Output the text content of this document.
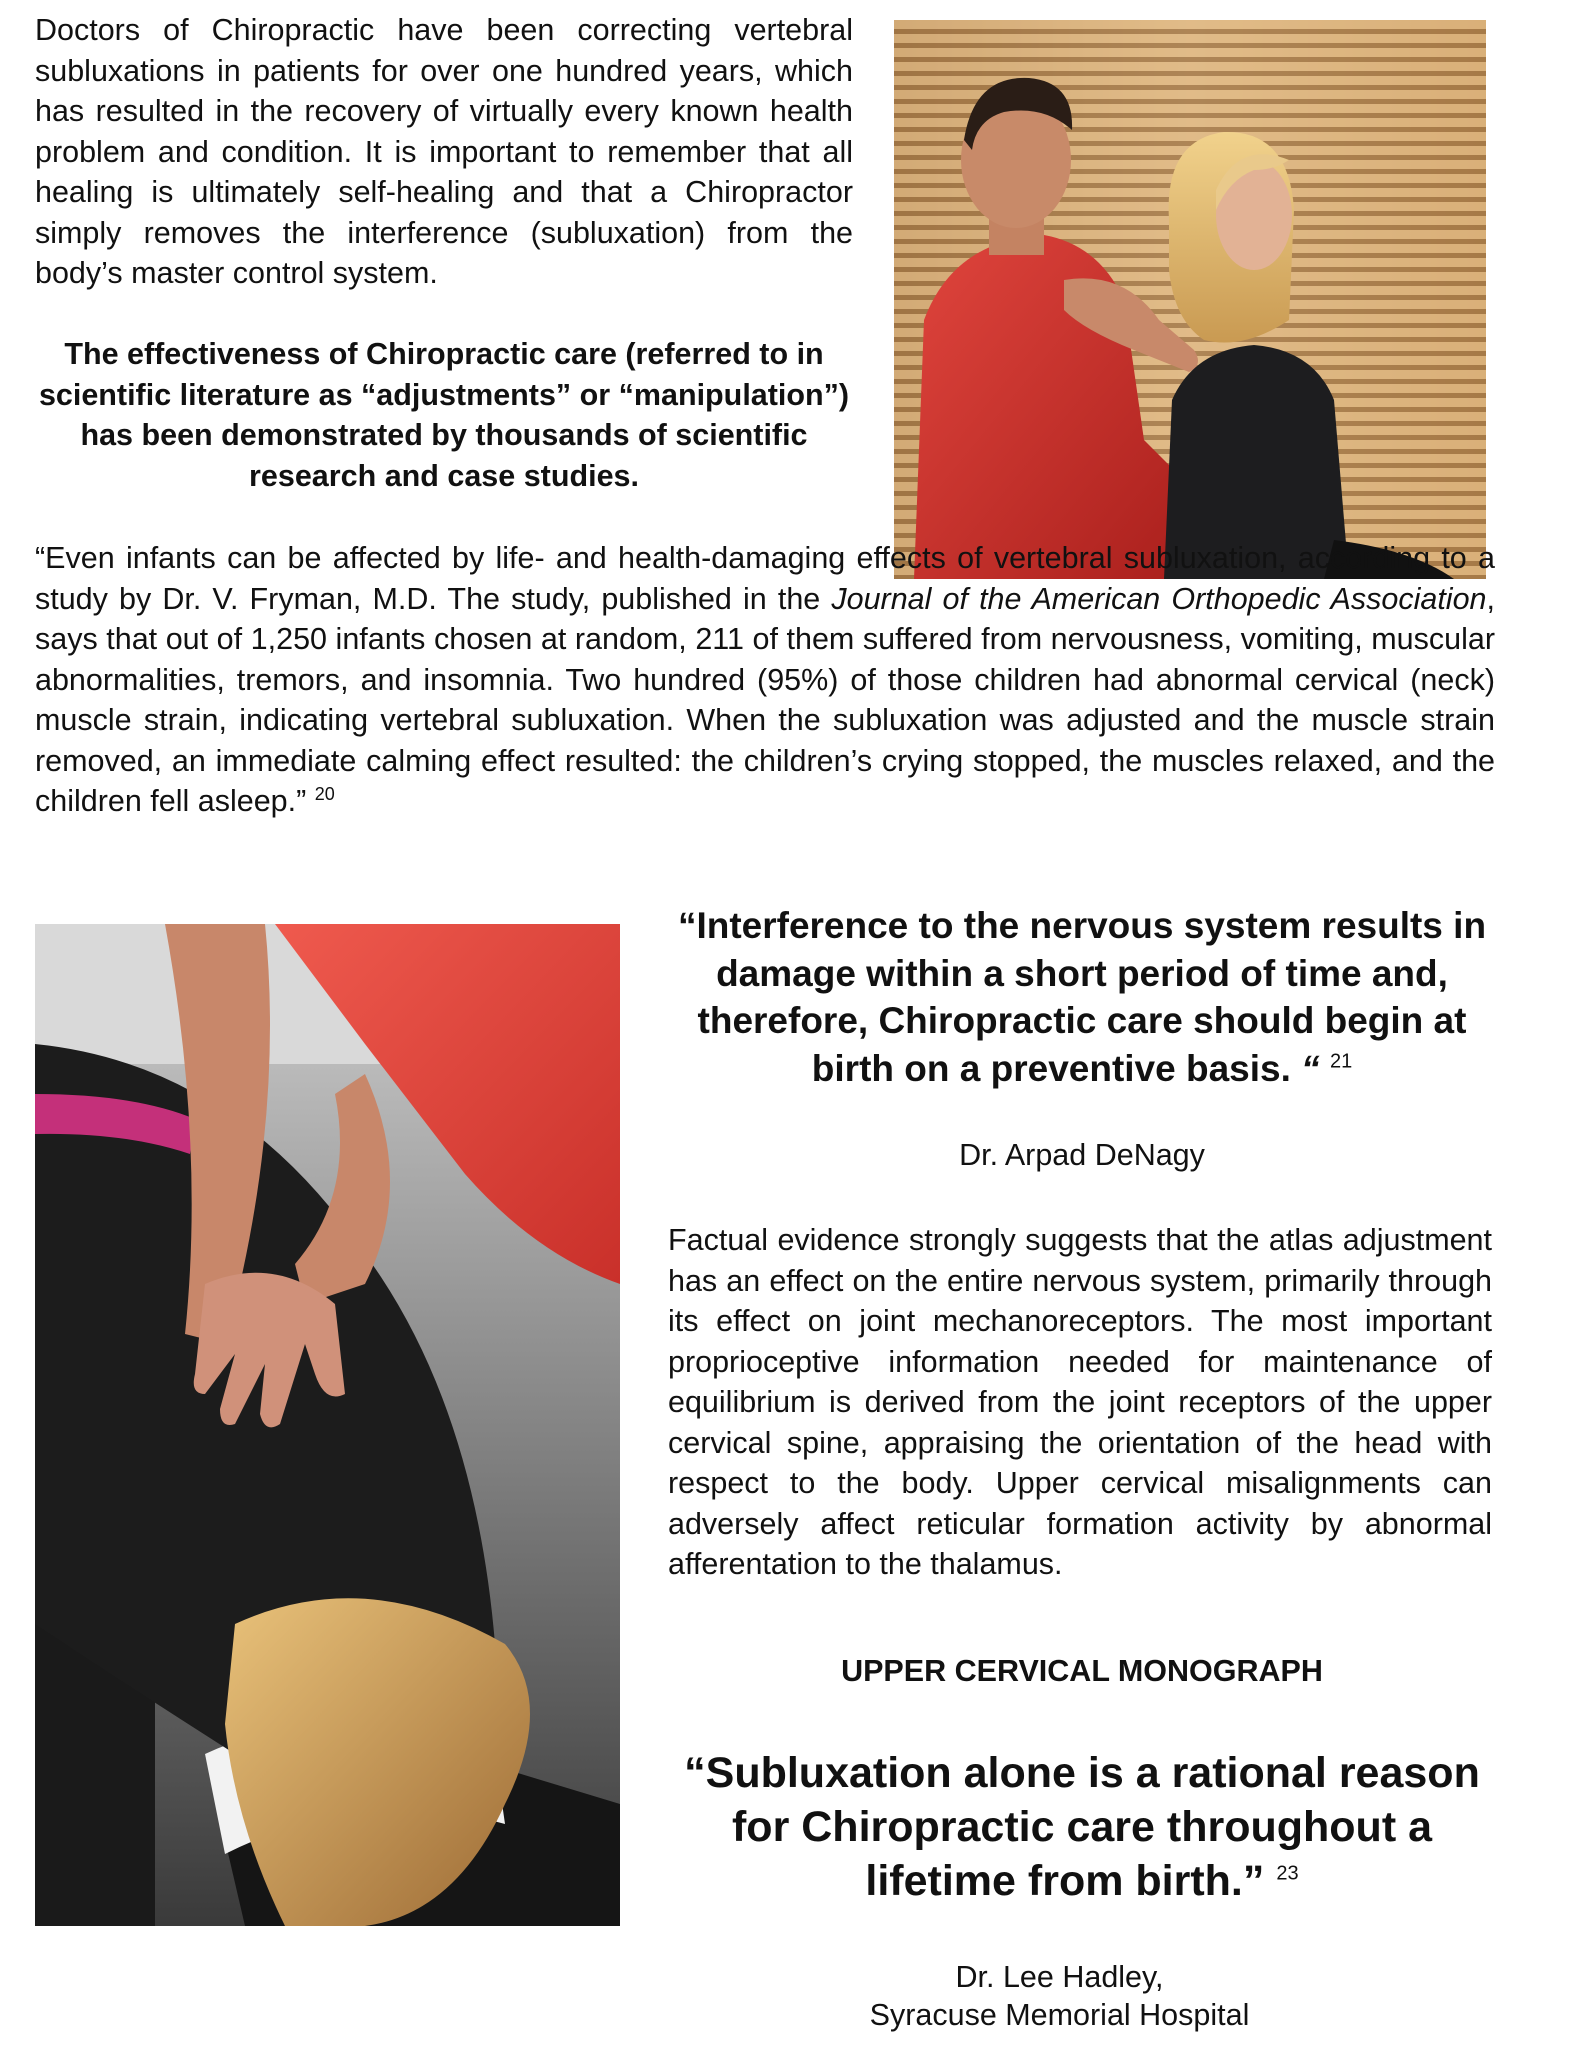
Doctors of Chiropractic have been correcting vertebral subluxations in patients for over one hundred years, which has resulted in the recovery of virtually every known health problem and condition. It is important to remember that all healing is ultimately self-healing and that a Chiropractor simply removes the interference (subluxation) from the body’s master control system.

The effectiveness of Chiropractic care (referred to in scientific literature as “adjustments” or “manipulation”) has been demonstrated by thousands of scientific research and case studies.

“Even infants can be affected by life- and health-damaging effects of vertebral subluxation, according to a study by Dr. V. Fryman, M.D. The study, published in the Journal of the American Orthopedic Association, says that out of 1,250 infants chosen at random, 211 of them suffered from nervousness, vomiting, muscular abnormalities, tremors, and insomnia. Two hundred (95%) of those children had abnormal cervical (neck) muscle strain, indicating vertebral subluxation. When the subluxation was adjusted and the muscle strain removed, an immediate calming effect resulted: the children’s crying stopped, the muscles relaxed, and the children fell asleep.” $^{20}$

“Interference to the nervous system results in damage within a short period of time and, therefore, Chiropractic care should begin at birth on a preventive basis. “ $^{21}$

Dr. Arpad DeNagy

Factual evidence strongly suggests that the atlas adjustment has an effect on the entire nervous system, primarily through its effect on joint mechanoreceptors. The most important proprioceptive information needed for maintenance of equilibrium is derived from the joint receptors of the upper cervical spine, appraising the orientation of the head with respect to the body. Upper cervical misalignments can adversely affect reticular formation activity by abnormal afferentation to the thalamus.

UPPER CERVICAL MONOGRAPH

“Subluxation alone is a rational reason for Chiropractic care throughout a lifetime from birth.” $^{23}$

Dr. Lee Hadley,
Syracuse Memorial Hospital
